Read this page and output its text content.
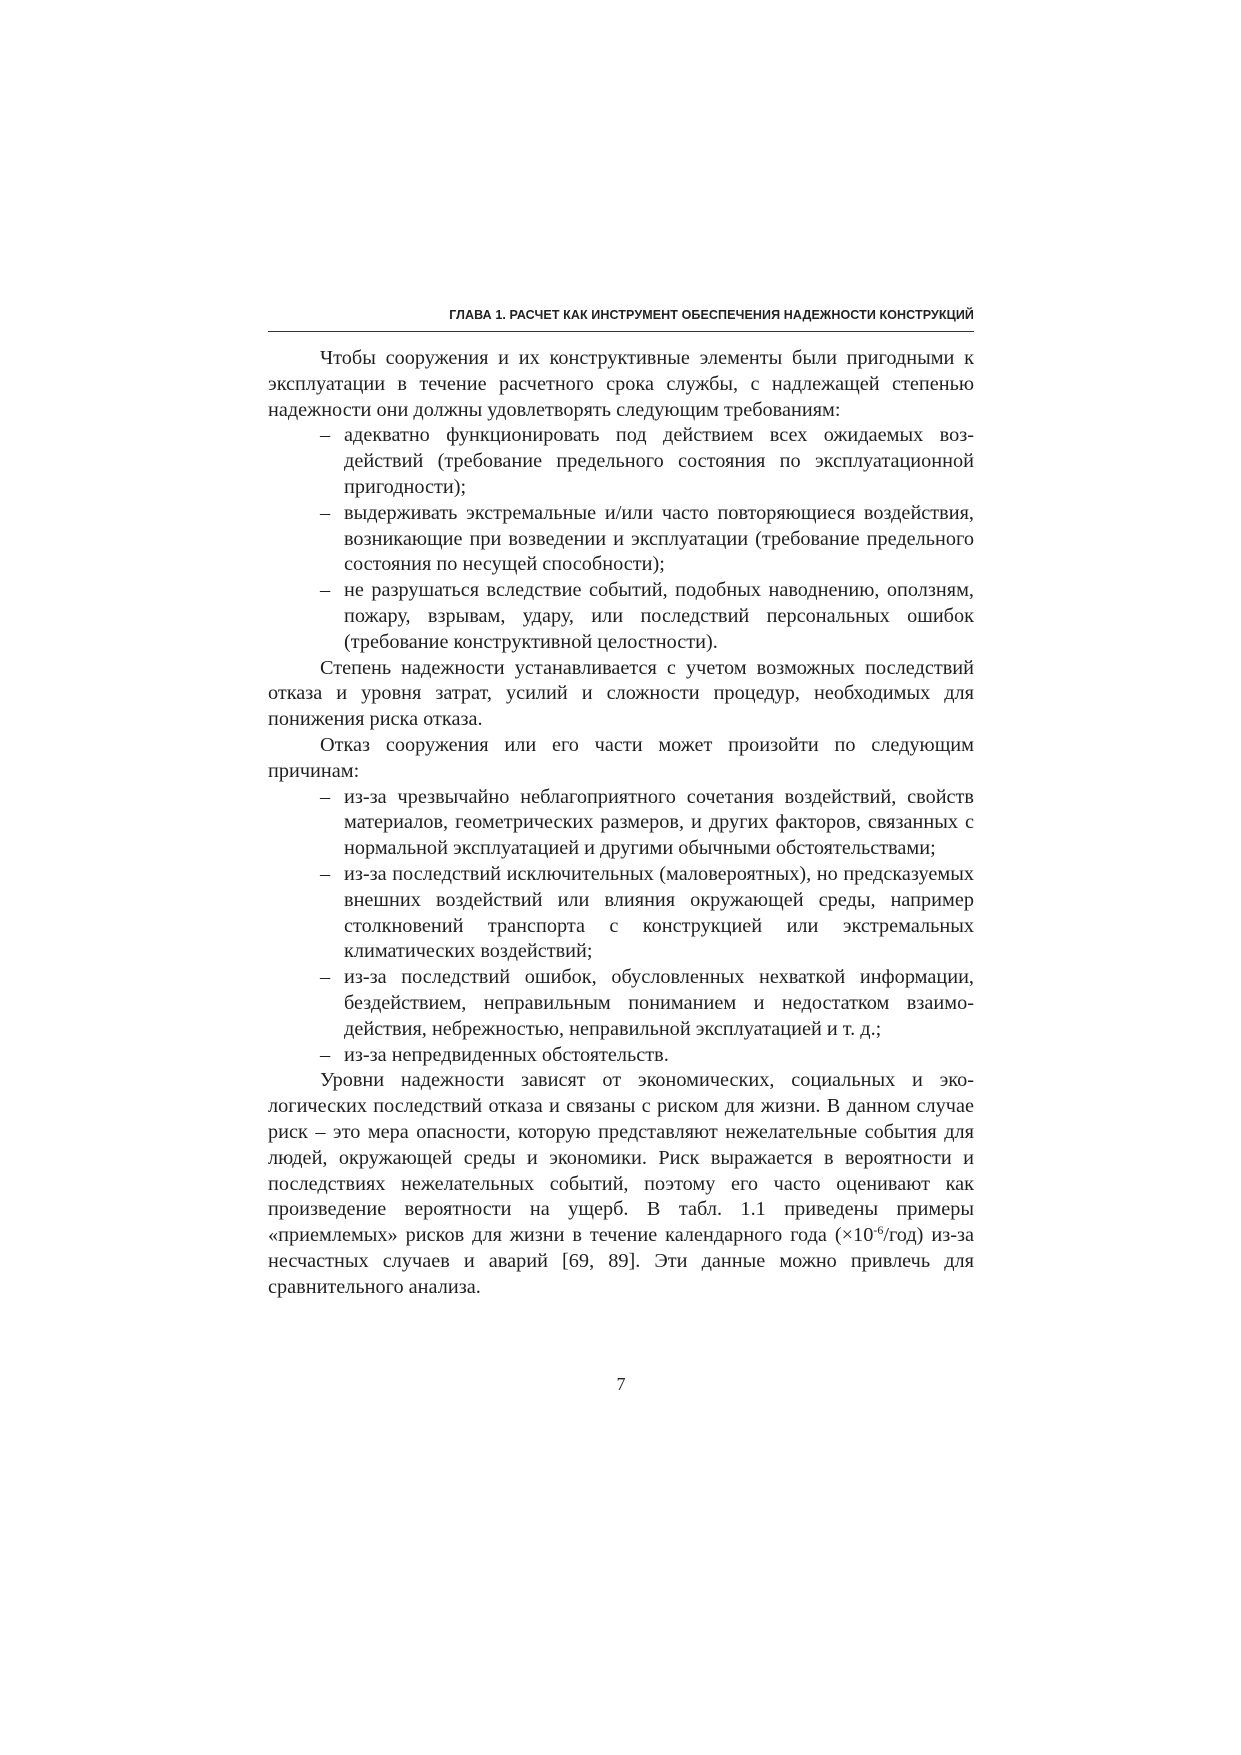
ГЛАВА 1. РАСЧЕТ КАК ИНСТРУМЕНТ ОБЕСПЕЧЕНИЯ НАДЕЖНОСТИ КОНСТРУКЦИЙ

Чтобы сооружения и их конструктивные элементы были пригодными к эксплуатации в течение расчетного срока службы, с надлежащей степенью надежности они должны удовлетворять следующим требованиям:

– адекватно функционировать под действием всех ожидаемых воздействий (требование предельного состояния по эксплуатационной пригодности);
– выдерживать экстремальные и/или часто повторяющиеся воздействия, возникающие при возведении и эксплуатации (требование предельного состояния по несущей способности);
– не разрушаться вследствие событий, подобных наводнению, оползням, пожару, взрывам, удару, или последствий персональных ошибок (требование конструктивной целостности).

Степень надежности устанавливается с учетом возможных последствий отказа и уровня затрат, усилий и сложности процедур, необходимых для понижения риска отказа.

Отказ сооружения или его части может произойти по следующим причинам:

– из-за чрезвычайно неблагоприятного сочетания воздействий, свойств материалов, геометрических размеров, и других факторов, связанных с нормальной эксплуатацией и другими обычными обстоятельствами;
– из-за последствий исключительных (маловероятных), но предсказуемых внешних воздействий или влияния окружающей среды, например столкновений транспорта с конструкцией или экстремальных климатических воздействий;
– из-за последствий ошибок, обусловленных нехваткой информации, бездействием, неправильным пониманием и недостатком взаимодействия, небрежностью, неправильной эксплуатацией и т. д.;
– из-за непредвиденных обстоятельств.

Уровни надежности зависят от экономических, социальных и экологических последствий отказа и связаны с риском для жизни. В данном случае риск – это мера опасности, которую представляют нежелательные события для людей, окружающей среды и экономики. Риск выражается в вероятности и последствиях нежелательных событий, поэтому его часто оценивают как произведение вероятности на ущерб. В табл. 1.1 приведены примеры «приемлемых» рисков для жизни в течение календарного года $(\times 10^{-6}/год)$ из-за несчастных случаев и аварий [69, 89]. Эти данные можно привлечь для сравнительного анализа.

7
